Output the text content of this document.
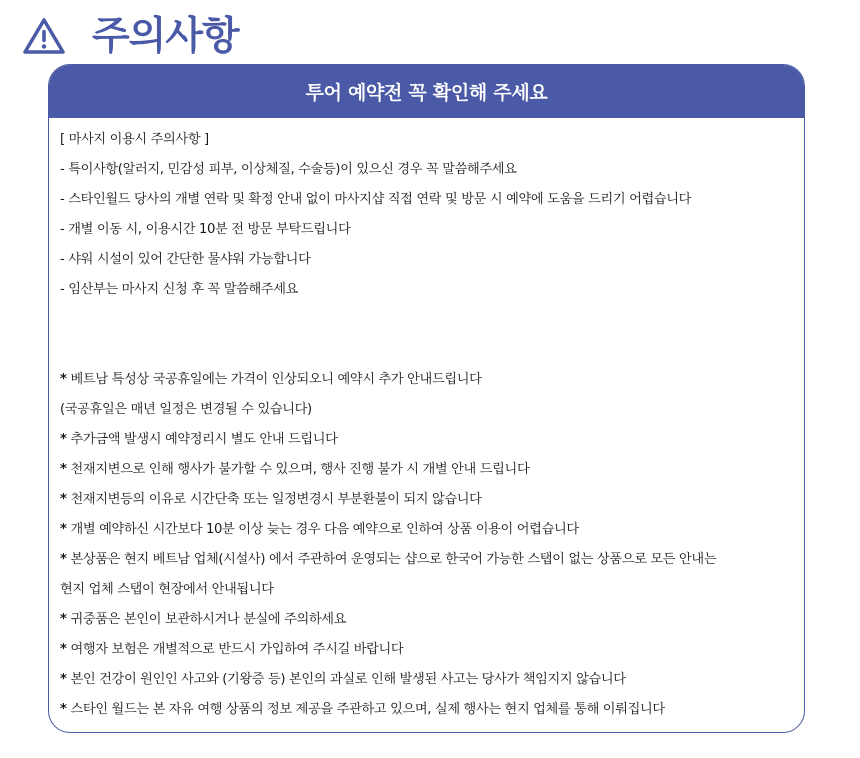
주의사항
투어 예약전 꼭 확인해 주세요
[ 마사지 이용시 주의사항 ]
- 특이사항(알러지, 민감성 피부, 이상체질, 수술등)이 있으신 경우 꼭 말씀해주세요
- 스타인월드 당사의 개별 연락 및 확정 안내 없이 마사지샵 직접 연락 및 방문 시 예약에 도움을 드리기 어렵습니다
- 개별 이동 시, 이용시간 10분 전 방문 부탁드립니다
- 샤워 시설이 있어 간단한 물샤워 가능합니다
- 임산부는 마사지 신청 후 꼭 말씀해주세요
* 베트남 특성상 국공휴일에는 가격이 인상되오니 예약시 추가 안내드립니다
(국공휴일은 매년 일정은 변경될 수 있습니다)
* 추가금액 발생시 예약정리시 별도 안내 드립니다
* 천재지변으로 인해 행사가 불가할 수 있으며, 행사 진행 불가 시 개별 안내 드립니다
* 천재지변등의 이유로 시간단축 또는 일정변경시 부분환불이 되지 않습니다
* 개별 예약하신 시간보다 10분 이상 늦는 경우 다음 예약으로 인하여 상품 이용이 어렵습니다
* 본상품은 현지 베트남 업체(시설사) 에서 주관하여 운영되는 샵으로 한국어 가능한 스탭이 없는 상품으로 모든 안내는
현지 업체 스탭이 현장에서 안내됩니다
* 귀중품은 본인이 보관하시거나 분실에 주의하세요
* 여행자 보험은 개별적으로 반드시 가입하여 주시길 바랍니다
* 본인 건강이 원인인 사고와 (기왕증 등) 본인의 과실로 인해 발생된 사고는 당사가 책임지지 않습니다
* 스타인 월드는 본 자유 여행 상품의 정보 제공을 주관하고 있으며, 실제 행사는 현지 업체를 통해 이뤄집니다
